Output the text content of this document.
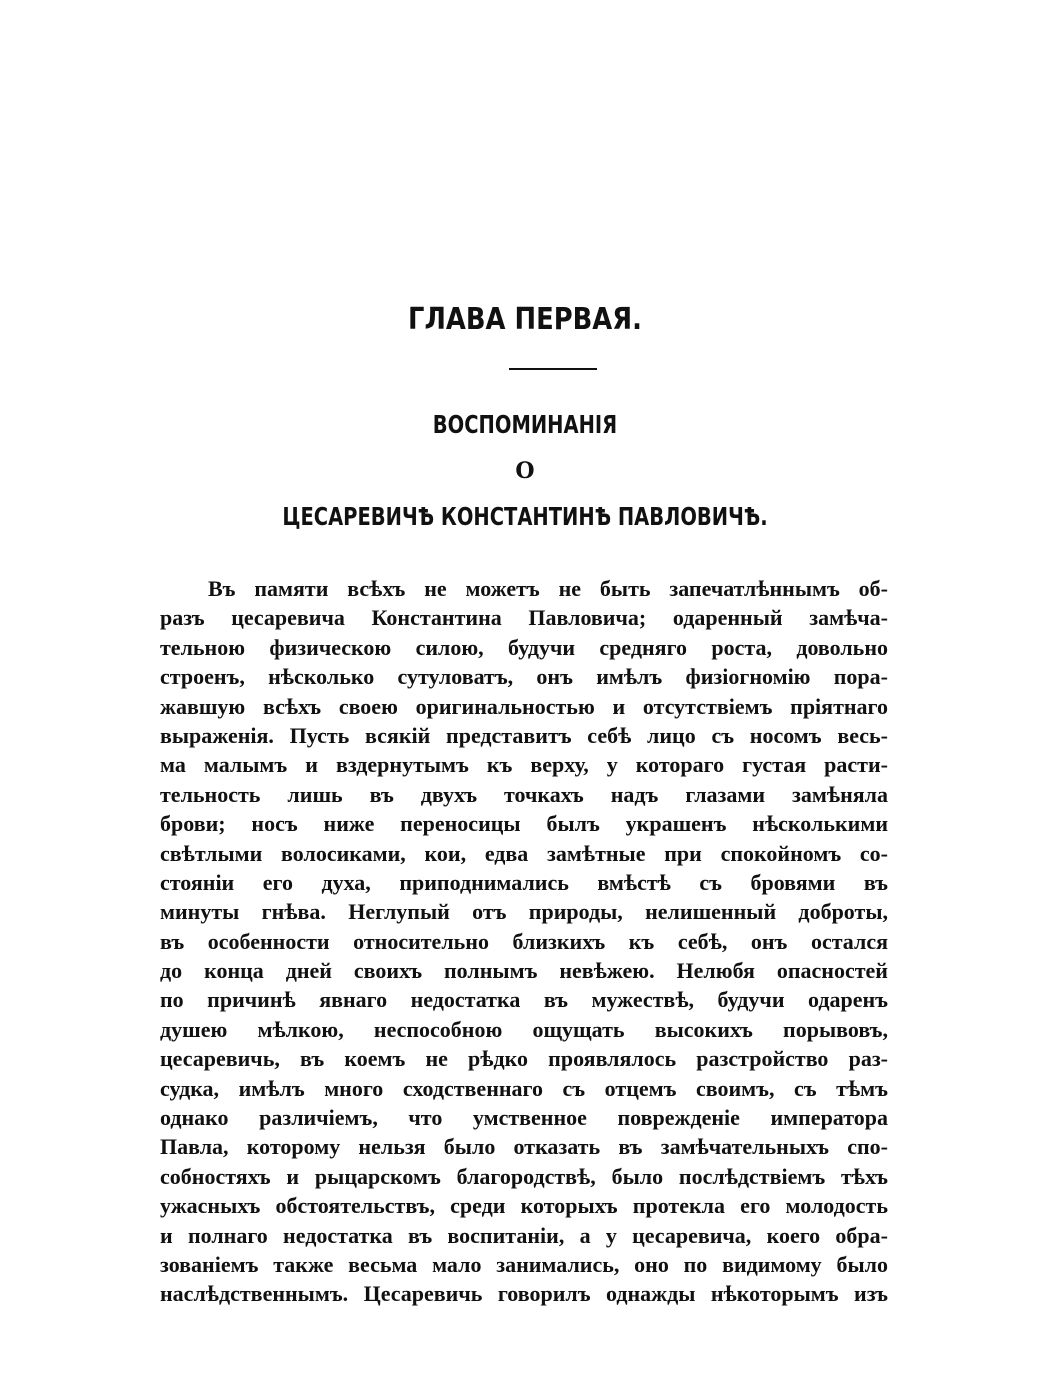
ГЛАВА ПЕРВАЯ.
ВОСПОМИНАНІЯ
О
ЦЕСАРЕВИЧѢ КОНСТАНТИНѢ ПАВЛОВИЧѢ.
Въ памяти всѣхъ не можетъ не быть запечатлѣннымъ об-
разъ цесаревича Константина Павловича; одаренный замѣча-
тельною физическою силою, будучи средняго роста, довольно
строенъ, нѣсколько сутуловатъ, онъ имѣлъ физіогномію пора-
жавшую всѣхъ своею оригинальностью и отсутствіемъ пріятнаго
выраженія. Пусть всякій представитъ себѣ лицо съ носомъ весь-
ма малымъ и вздернутымъ къ верху, у котораго густая расти-
тельность лишь въ двухъ точкахъ надъ глазами замѣняла
брови; носъ ниже переносицы былъ украшенъ нѣсколькими
свѣтлыми волосиками, кои, едва замѣтные при спокойномъ со-
стояніи его духа, приподнимались вмѣстѣ съ бровями въ
минуты гнѣва. Неглупый отъ природы, нелишенный доброты,
въ особенности относительно близкихъ къ себѣ, онъ остался
до конца дней своихъ полнымъ невѣжею. Нелюбя опасностей
по причинѣ явнаго недостатка въ мужествѣ, будучи одаренъ
душею мѣлкою, неспособною ощущать высокихъ порывовъ,
цесаревичь, въ коемъ не рѣдко проявлялось разстройство раз-
судка, имѣлъ много сходственнаго съ отцемъ своимъ, съ тѣмъ
однако различіемъ, что умственное поврежденіе императора
Павла, которому нельзя было отказать въ замѣчательныхъ спо-
собностяхъ и рыцарскомъ благородствѣ, было послѣдствіемъ тѣхъ
ужасныхъ обстоятельствъ, среди которыхъ протекла его молодость
и полнаго недостатка въ воспитаніи, а у цесаревича, коего обра-
зованіемъ также весьма мало занимались, оно по видимому было
наслѣдственнымъ. Цесаревичь говорилъ однажды нѣкоторымъ изъ
